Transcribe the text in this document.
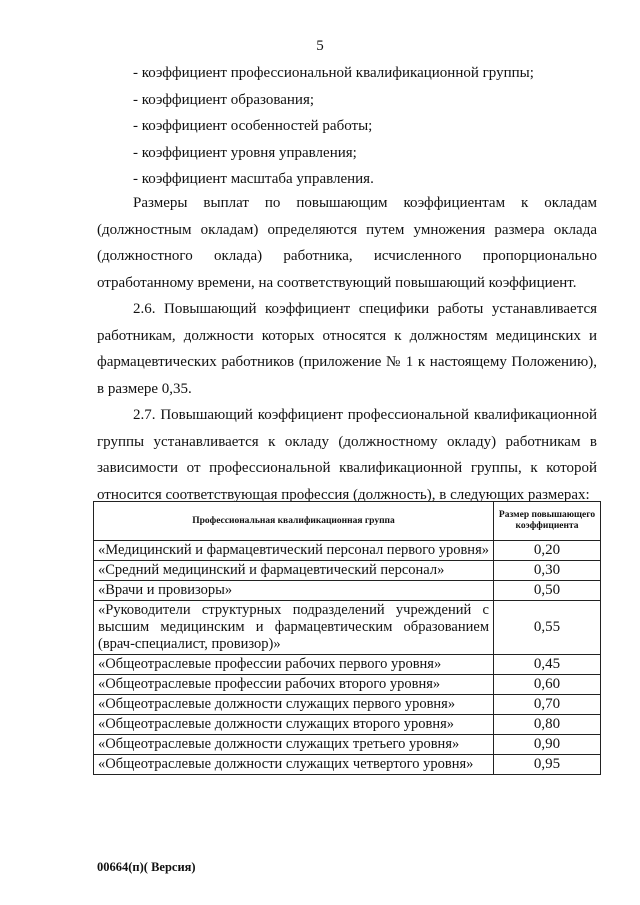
5
- коэффициент профессиональной квалификационной группы;
- коэффициент образования;
- коэффициент особенностей работы;
- коэффициент уровня управления;
- коэффициент масштаба управления.

Размеры выплат по повышающим коэффициентам к окладам (должностным окладам) определяются путем умножения размера оклада (должностного оклада) работника, исчисленного пропорционально отработанному времени, на соответствующий повышающий коэффициент.

2.6. Повышающий коэффициент специфики работы устанавливается работникам, должности которых относятся к должностям медицинских и фармацевтических работников (приложение № 1 к настоящему Положению), в размере 0,35.

2.7. Повышающий коэффициент профессиональной квалификационной группы устанавливается к окладу (должностному окладу) работникам в зависимости от профессиональной квалификационной группы, к которой относится соответствующая профессия (должность), в следующих размерах:

Профессиональная квалификационная группа	Размер повышающего коэффициента
«Медицинский и фармацевтический персонал первого уровня»	0,20
«Средний медицинский и фармацевтический персонал»	0,30
«Врачи и провизоры»	0,50
«Руководители структурных подразделений учреждений с высшим медицинским и фармацевтическим образованием (врач-специалист, провизор)»	0,55
«Общеотраслевые профессии рабочих первого уровня»	0,45
«Общеотраслевые профессии рабочих второго уровня»	0,60
«Общеотраслевые должности служащих первого уровня»	0,70
«Общеотраслевые должности служащих второго уровня»	0,80
«Общеотраслевые должности служащих третьего уровня»	0,90
«Общеотраслевые должности служащих четвертого уровня»	0,95
00664(п)( Версия)
